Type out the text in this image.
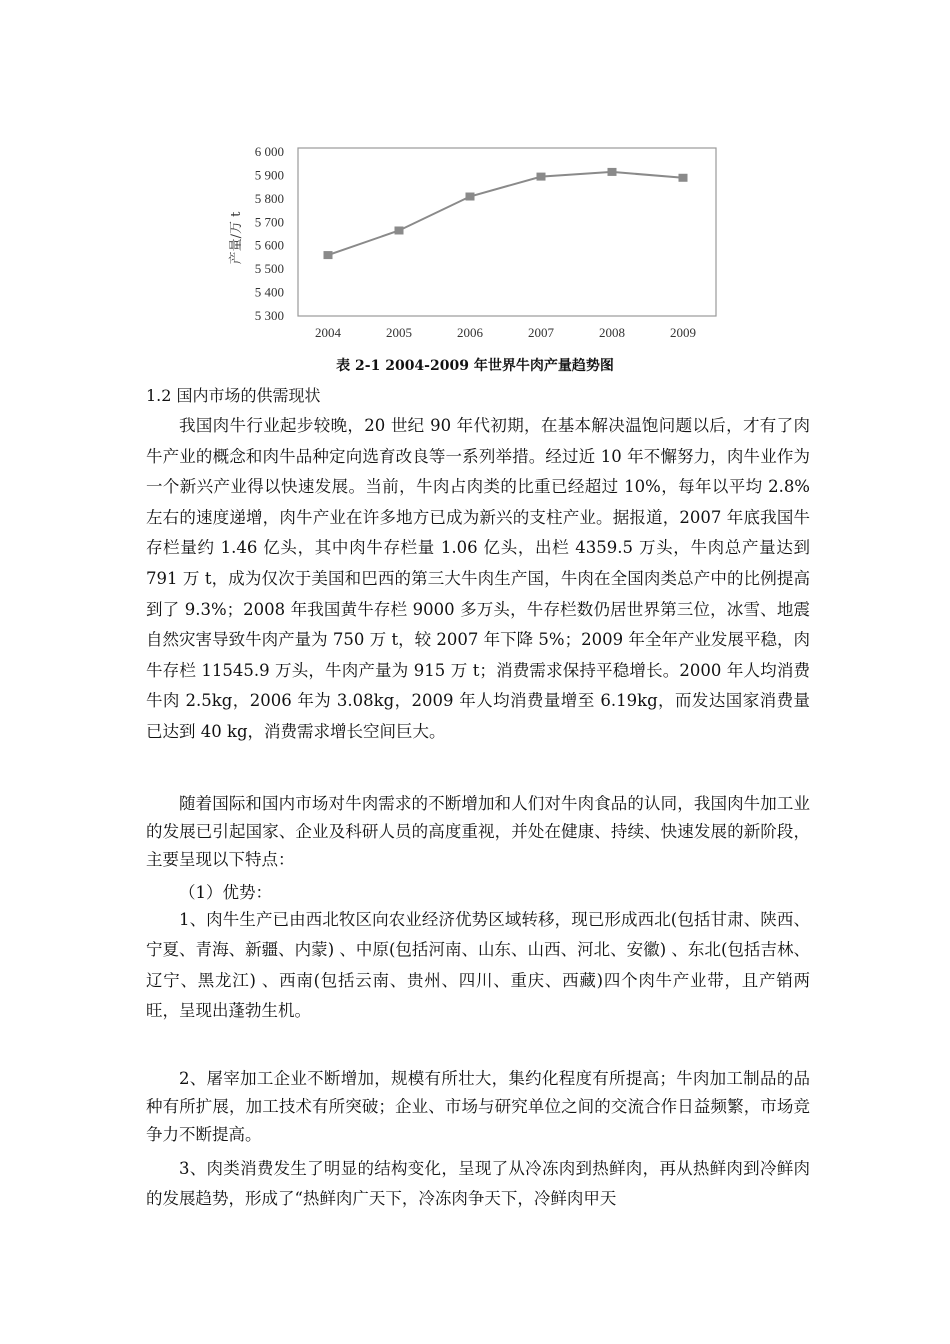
产量/万 t
6 000
5 900
5 800
5 700
5 600
5 500
5 400
5 300
2004	2005	2006	2007	2008	2009
表 2-1 2004-2009 年世界牛肉产量趋势图
1.2 国内市场的供需现状

我国肉牛行业起步较晚，20 世纪 90 年代初期，在基本解决温饱问题以后，才有了肉牛产业的概念和肉牛品种定向选育改良等一系列举措。经过近 10 年不懈努力，肉牛业作为一个新兴产业得以快速发展。当前，牛肉占肉类的比重已经超过 10%，每年以平均 2.8%左右的速度递增，肉牛产业在许多地方已成为新兴的支柱产业。据报道，2007 年底我国牛存栏量约 1.46 亿头，其中肉牛存栏量 1.06 亿头，出栏 4359.5 万头，牛肉总产量达到 791 万 t，成为仅次于美国和巴西的第三大牛肉生产国，牛肉在全国肉类总产中的比例提高到了 9.3%；2008 年我国黄牛存栏 9000 多万头，牛存栏数仍居世界第三位，冰雪、地震自然灾害导致牛肉产量为 750 万 t，较 2007 年下降 5%；2009 年全年产业发展平稳，肉牛存栏 11545.9 万头，牛肉产量为 915 万 t；消费需求保持平稳增长。2000 年人均消费牛肉 2.5kg，2006 年为 3.08kg，2009 年人均消费量增至 6.19kg，而发达国家消费量已达到 40 kg，消费需求增长空间巨大。

随着国际和国内市场对牛肉需求的不断增加和人们对牛肉食品的认同，我国肉牛加工业的发展已引起国家、企业及科研人员的高度重视，并处在健康、持续、快速发展的新阶段，主要呈现以下特点：

（1）优势：

1、肉牛生产已由西北牧区向农业经济优势区域转移，现已形成西北(包括甘肃、陕西、宁夏、青海、新疆、内蒙) 、中原(包括河南、山东、山西、河北、安徽) 、东北(包括吉林、辽宁、黑龙江) 、西南(包括云南、贵州、四川、重庆、西藏)四个肉牛产业带，且产销两旺，呈现出蓬勃生机。

2、屠宰加工企业不断增加，规模有所壮大，集约化程度有所提高；牛肉加工制品的品种有所扩展，加工技术有所突破；企业、市场与研究单位之间的交流合作日益频繁，市场竞争力不断提高。

3、肉类消费发生了明显的结构变化，呈现了从冷冻肉到热鲜肉，再从热鲜肉到冷鲜肉的发展趋势，形成了“热鲜肉广天下，冷冻肉争天下，冷鲜肉甲天
